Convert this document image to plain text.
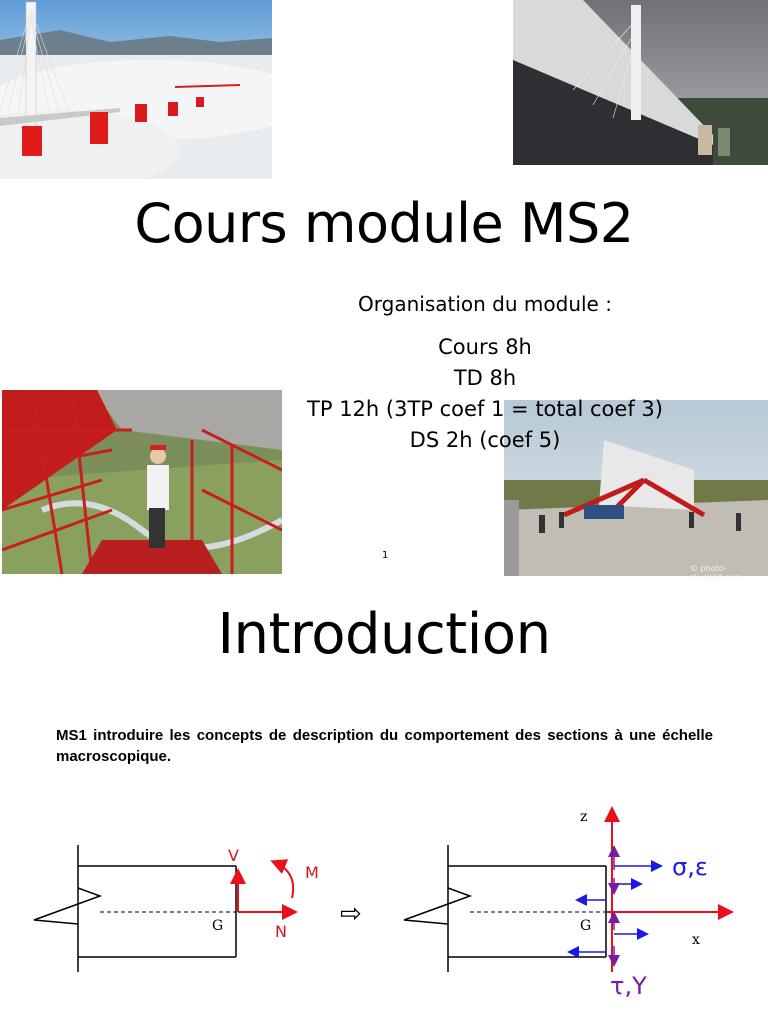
© photo-skyright.com
Cours module MS2
Organisation du module :
Cours 8h
TD 8h
TP 12h (3TP coef 1 = total coef 3)
DS 2h (coef 5)
1
Introduction
MS1 introduire les concepts de description du comportement des sections à une échelle macroscopique.
G
V
M
N
⇨	G
z
x
σ,ε
τ,Υ
